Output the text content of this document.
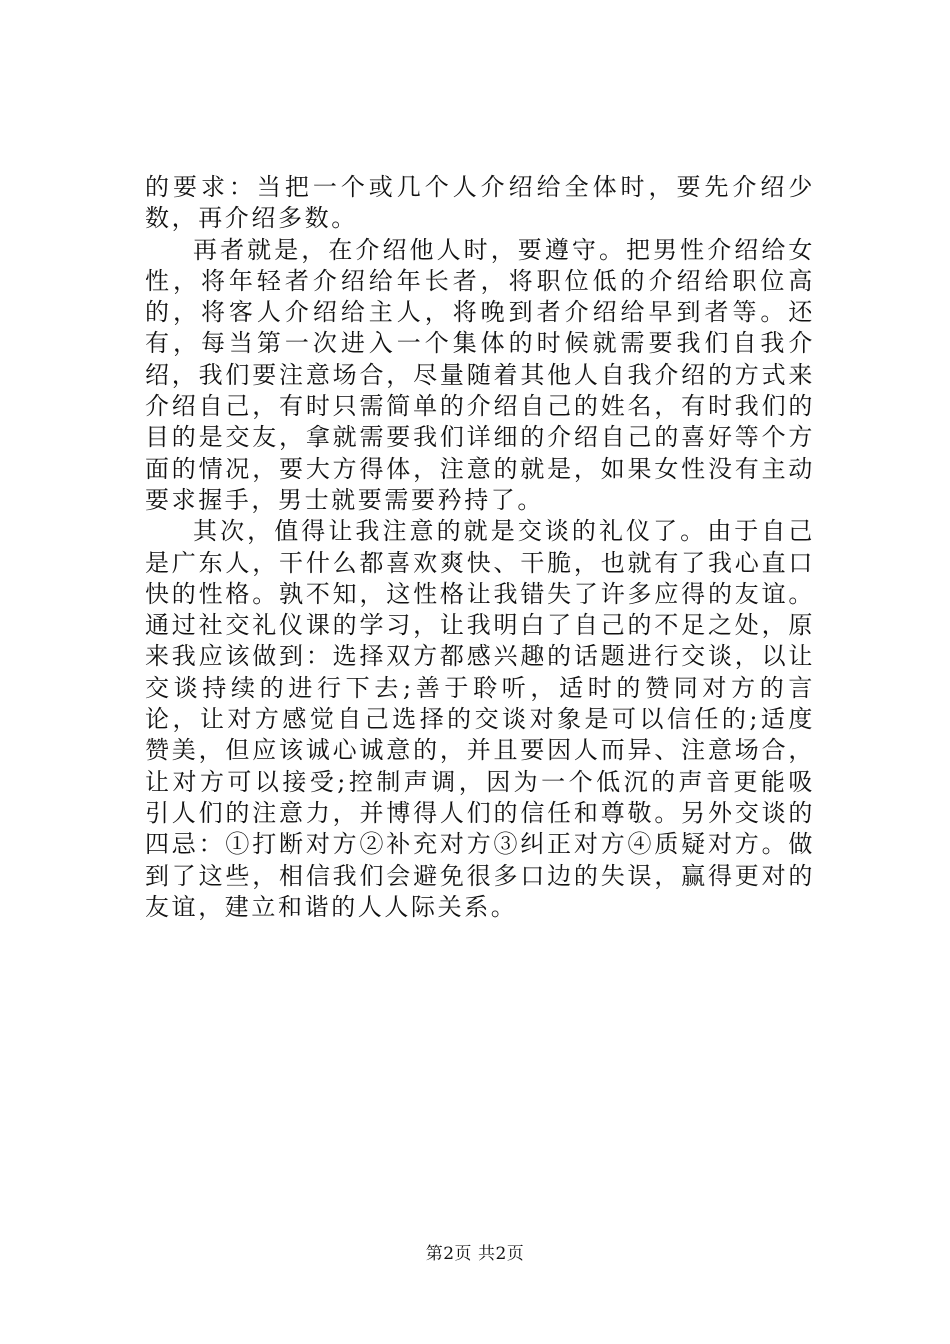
的要求：当把一个或几个人介绍给全体时，要先介绍少数，再介绍多数。

再者就是，在介绍他人时，要遵守。把男性介绍给女性，将年轻者介绍给年长者，将职位低的介绍给职位高的，将客人介绍给主人，将晚到者介绍给早到者等。还有，每当第一次进入一个集体的时候就需要我们自我介绍，我们要注意场合，尽量随着其他人自我介绍的方式来介绍自己，有时只需简单的介绍自己的姓名，有时我们的目的是交友，拿就需要我们详细的介绍自己的喜好等个方面的情况，要大方得体，注意的就是，如果女性没有主动要求握手，男士就要需要矜持了。

其次，值得让我注意的就是交谈的礼仪了。由于自己是广东人，干什么都喜欢爽快、干脆，也就有了我心直口快的性格。孰不知，这性格让我错失了许多应得的友谊。通过社交礼仪课的学习，让我明白了自己的不足之处，原来我应该做到：选择双方都感兴趣的话题进行交谈，以让交谈持续的进行下去;善于聆听，适时的赞同对方的言论，让对方感觉自己选择的交谈对象是可以信任的;适度赞美，但应该诚心诚意的，并且要因人而异、注意场合，让对方可以接受;控制声调，因为一个低沉的声音更能吸引人们的注意力，并博得人们的信任和尊敬。另外交谈的四忌：①打断对方②补充对方③纠正对方④质疑对方。做到了这些，相信我们会避免很多口边的失误，赢得更对的友谊，建立和谐的人人际关系。

第2页 共2页
